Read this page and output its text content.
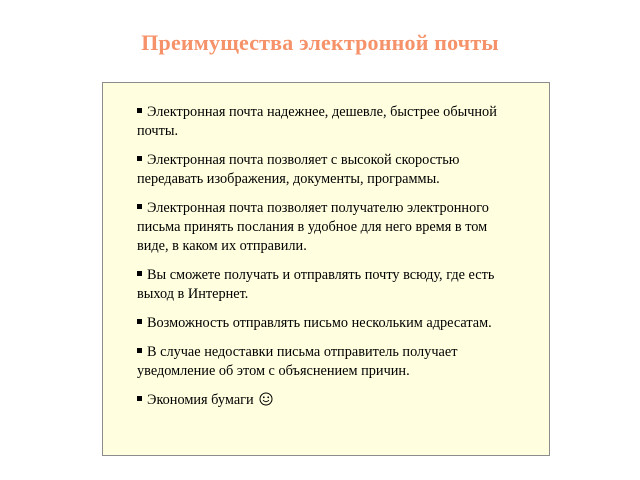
Преимущества электронной почты
Электронная почта надежнее, дешевле, быстрее обычной почты.
Электронная почта позволяет с высокой скоростью передавать изображения, документы, программы.
Электронная почта позволяет получателю электронного письма принять послания в удобное для него время в том виде, в каком их отправили.
Вы сможете получать и отправлять почту всюду, где есть выход в Интернет.
Возможность отправлять письмо нескольким адресатам.
В случае недоставки письма отправитель получает уведомление об этом с объяснением причин.
Экономия бумаги
